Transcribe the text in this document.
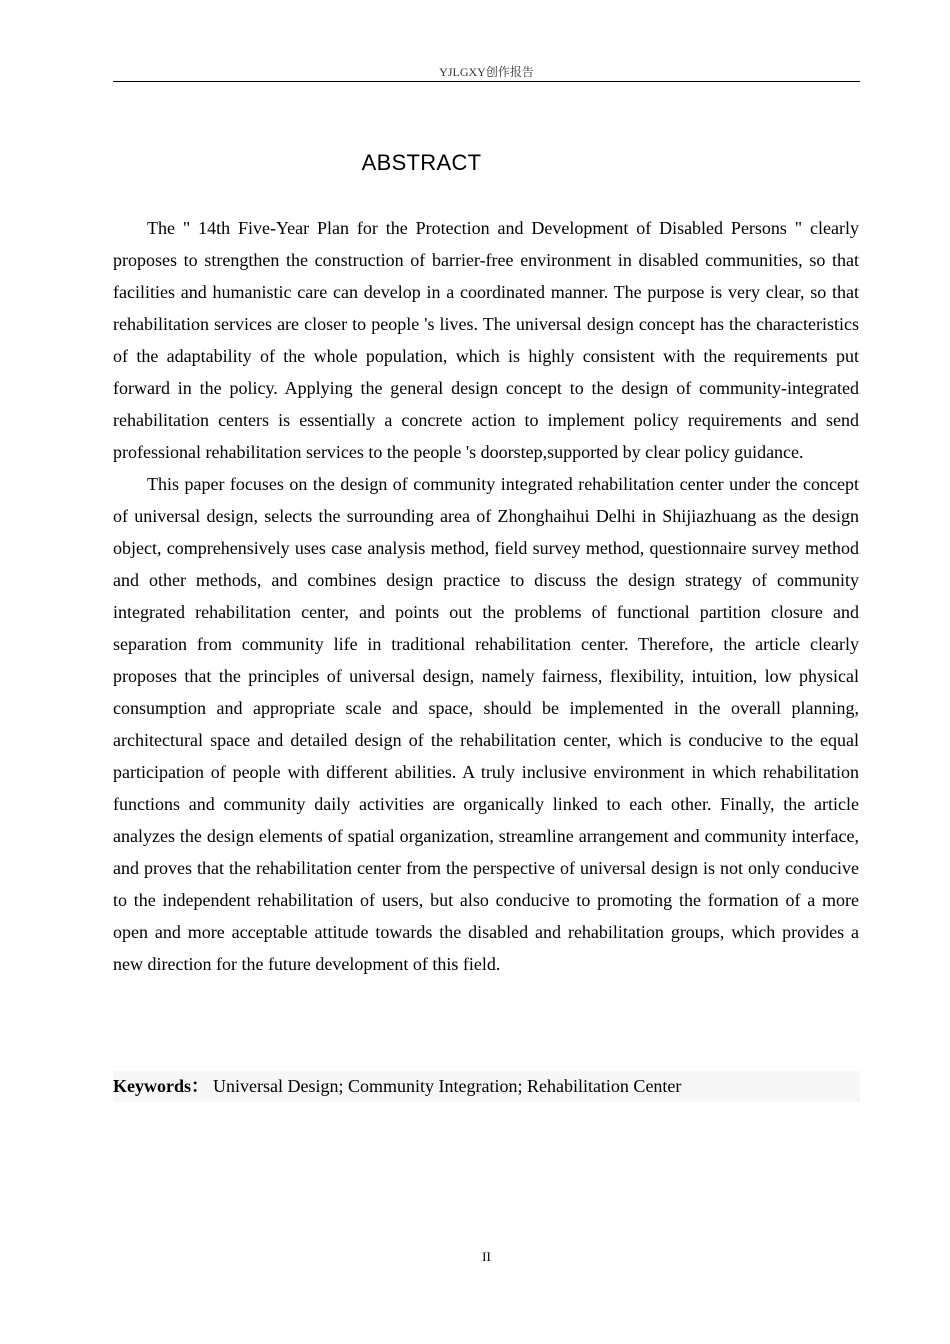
YJLGXY创作报告
ABSTRACT

The " 14th Five-Year Plan for the Protection and Development of Disabled Persons " clearly proposes to strengthen the construction of barrier-free environment in disabled communities, so that facilities and humanistic care can develop in a coordinated manner. The purpose is very clear, so that rehabilitation services are closer to people 's lives. The universal design concept has the characteristics of the adaptability of the whole population, which is highly consistent with the requirements put forward in the policy. Applying the general design concept to the design of community-integrated rehabilitation centers is essentially a concrete action to implement policy requirements and send professional rehabilitation services to the people 's doorstep,supported by clear policy guidance.

This paper focuses on the design of community integrated rehabilitation center under the concept of universal design, selects the surrounding area of Zhonghaihui Delhi in Shijiazhuang as the design object, comprehensively uses case analysis method, field survey method, questionnaire survey method and other methods, and combines design practice to discuss the design strategy of community integrated rehabilitation center, and points out the problems of functional partition closure and separation from community life in traditional rehabilitation center. Therefore, the article clearly proposes that the principles of universal design, namely fairness, flexibility, intuition, low physical consumption and appropriate scale and space, should be implemented in the overall planning, architectural space and detailed design of the rehabilitation center, which is conducive to the equal participation of people with different abilities. A truly inclusive environment in which rehabilitation functions and community daily activities are organically linked to each other. Finally, the article analyzes the design elements of spatial organization, streamline arrangement and community interface, and proves that the rehabilitation center from the perspective of universal design is not only conducive to the independent rehabilitation of users, but also conducive to promoting the formation of a more open and more acceptable attitude towards the disabled and rehabilitation groups, which provides a new direction for the future development of this field.

Keywords： Universal Design; Community Integration; Rehabilitation Center
II
